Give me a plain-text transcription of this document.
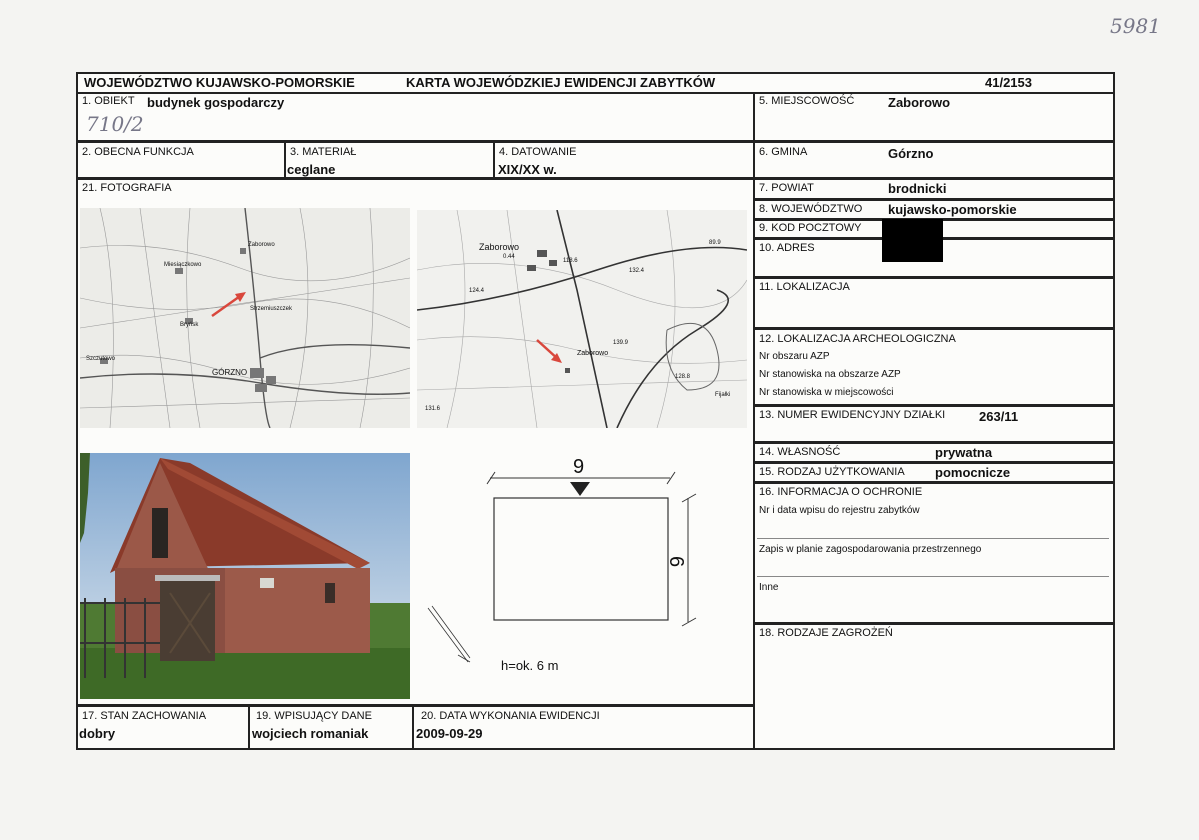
5981
WOJEWÓDZTWO KUJAWSKO-POMORSKIE	KARTA WOJEWÓDZKIEJ EWIDENCJI ZABYTKÓW	41/2153
1. OBIEKT budynek gospodarczy
710/2
2. OBECNA FUNKCJA	3. MATERIAŁ
ceglane
4. DATOWANIE
XIX/XX w.
21. FOTOGRAFIA
GÓRZNO
Zaborowo
Miesiączkowo
Szczutowo
Bryńsk
Strzemiuszczek
Zaborowo
0.44
118.6
132.4
124.4
Zaborowo
139.9
128.8
131.6
89.9
Fijałki
9
6
h=ok. 6 m
5. MIEJSCOWOŚĆ	Zaborowo
6. GMINA	Górzno
7. POWIAT	brodnicki
8. WOJEWÓDZTWO kujawsko-pomorskie
9. KOD POCZTOWY
10. ADRES
11. LOKALIZACJA
12. LOKALIZACJA ARCHEOLOGICZNA
Nr obszaru AZP
Nr stanowiska na obszarze AZP
Nr stanowiska w miejscowości
13. NUMER EWIDENCYJNY DZIAŁKI	263/11
14. WŁASNOŚĆ	prywatna
15. RODZAJ UŻYTKOWANIA pomocnicze
16. INFORMACJA O OCHRONIE
Nr i data wpisu do rejestru zabytków
Zapis w planie zagospodarowania przestrzennego
Inne
18. RODZAJE ZAGROŻEŃ
17. STAN ZACHOWANIA
dobry
19. WPISUJĄCY DANE
wojciech romaniak
20. DATA WYKONANIA EWIDENCJI
2009-09-29
